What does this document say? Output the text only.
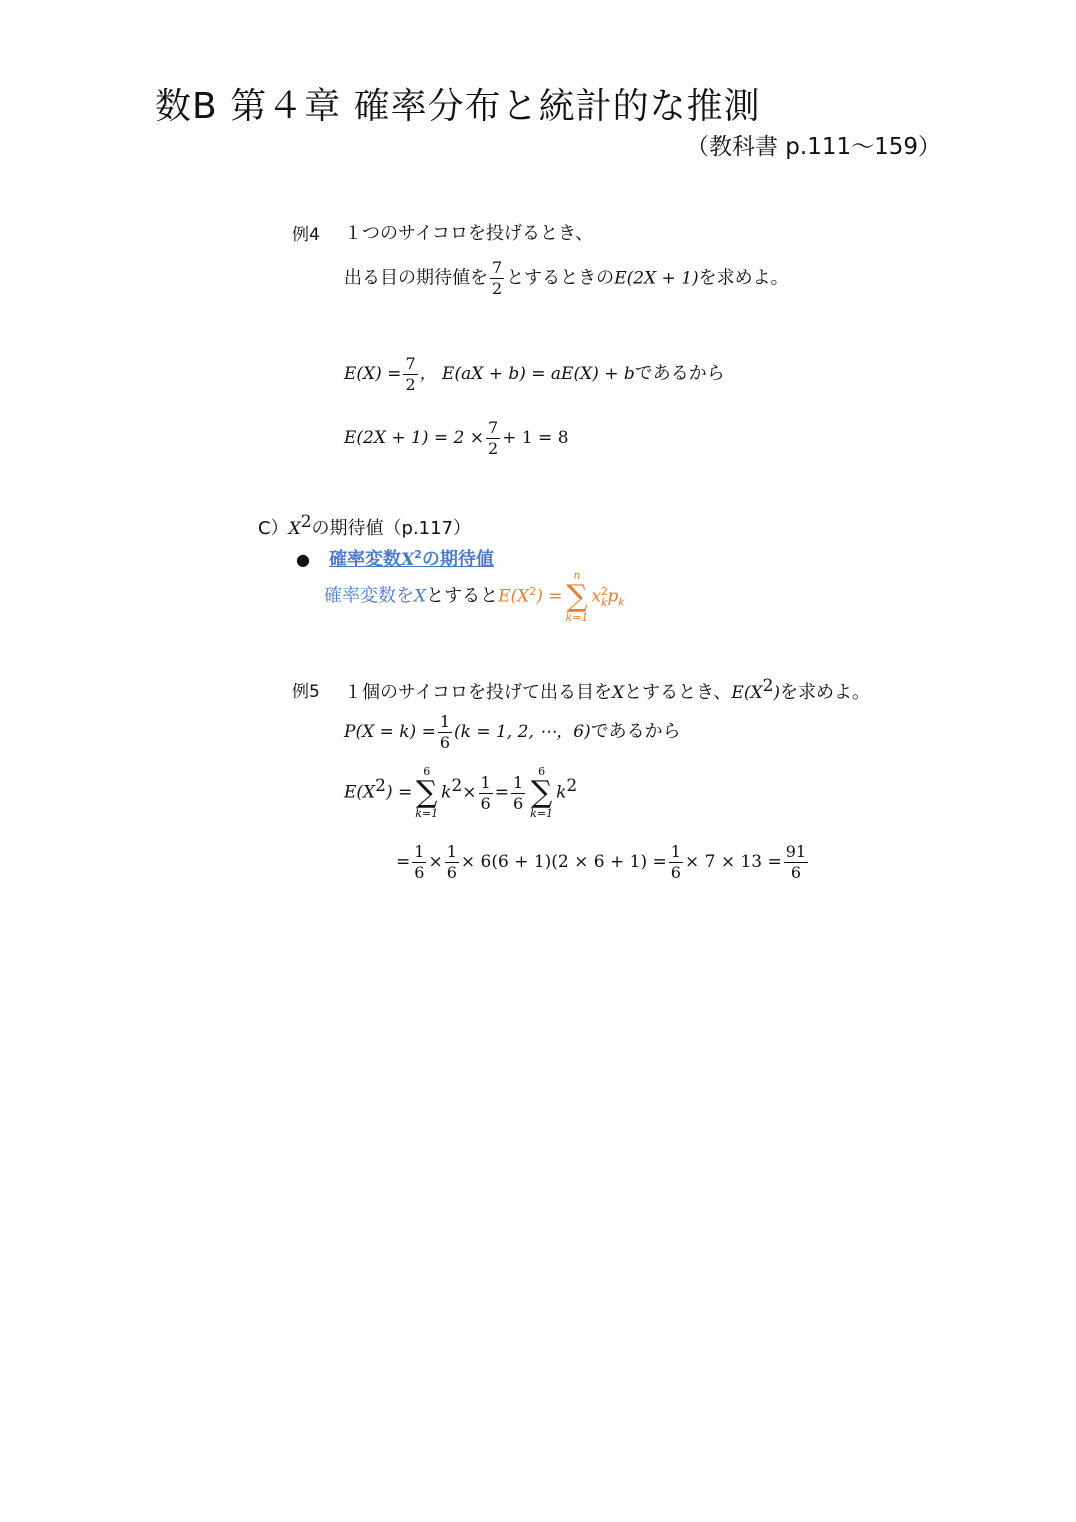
数B 第４章 確率分布と統計的な推測
（教科書 p.111～159）
例4 １つのサイコロを投げるとき、
出る目の期待値を $\frac{7}{2}$ とするときのE(2X + 1)を求めよ。
$E(X) = \frac{7}{2}$ ， E(aX + b) = aE(X) + bであるから
$E(2X + 1) = 2 \times \frac{7}{2} + 1 = 8$
$C)X^2$の期待値（p.117）
● 確率変数$X^2$の期待値
確率変数をXとすると$E(X^2)$ =
n
∑
k=1
$x^2_kp_k$
例5 １個のサイコロを投げて出る目をXとするとき、$E(X^2)$を求めよ。
$P(X = k) = \frac{1}{6} (k = 1$, 2, ⋯，6)であるから
$E(X^2)$ =
6
∑
k=1
$k^2\times \frac{1}{6} = \frac{1}{6}$
6
∑
k=1
$k^2$
= $\frac{1}{6} \times \frac{1}{6} \times 6(6 + 1)(2 \times 6 + 1) = \frac{1}{6} \times 7 \times 13 = \frac{91}{6}$
